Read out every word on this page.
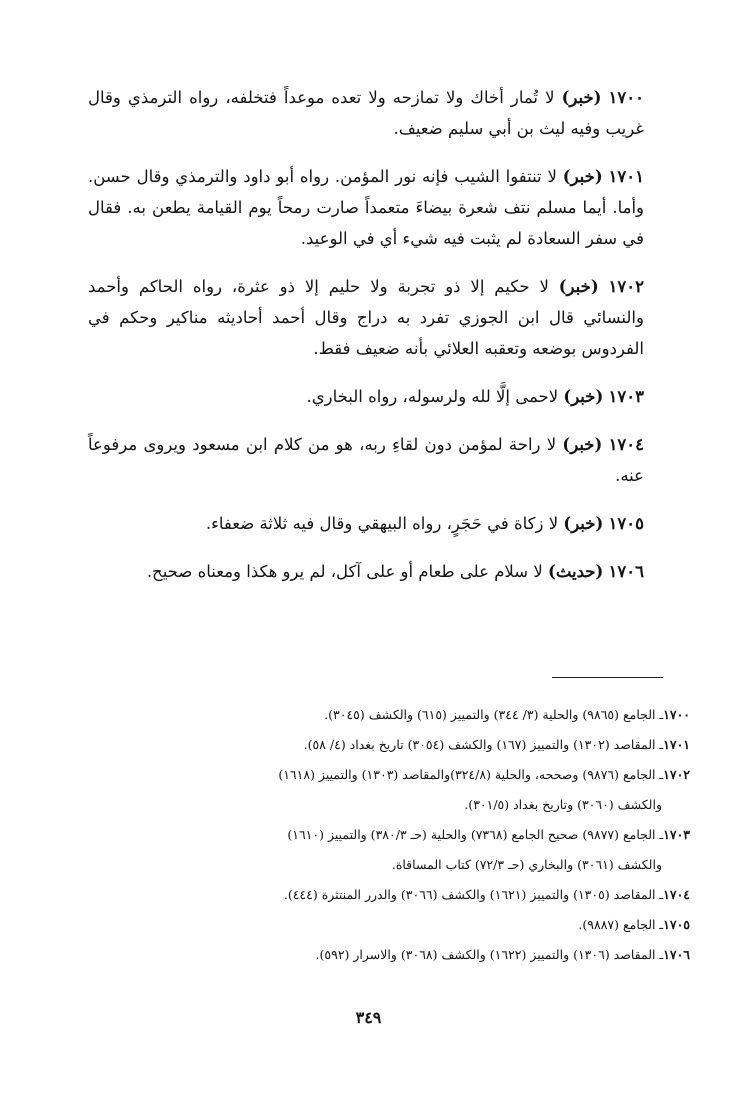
١٧٠٠ (خبر) لا تُمار أخاك ولا تمازحه ولا تعده موعداً فتخلفه، رواه الترمذي وقال غريب وفيه ليث بن أبي سليم ضعيف.

١٧٠١ (خبر) لا تنتفوا الشيب فإنه نور المؤمن. رواه أبو داود والترمذي وقال حسن. وأما. أيما مسلم نتف شعرة بيضاءَ متعمداً صارت رمحاً يوم القيامة يطعن به. فقال في سفر السعادة لم يثبت فيه شيء أي في الوعيد.

١٧٠٢ (خبر) لا حكيم إلا ذو تجربة ولا حليم إلا ذو عثرة، رواه الحاكم وأحمد والنسائي قال ابن الجوزي تفرد به دراج وقال أحمد أحاديثه مناكير وحكم في الفردوس بوضعه وتعقبه العلائي بأنه ضعيف فقط.

١٧٠٣ (خبر) لاحمى إلَّا لله ولرسوله، رواه البخاري.

١٧٠٤ (خبر) لا راحة لمؤمن دون لقاءِ ربه، هو من كلام ابن مسعود ويروى مرفوعاً عنه.

١٧٠٥ (خبر) لا زكاة في حَجَرٍ، رواه البيهقي وقال فيه ثلاثة ضعفاء.

١٧٠٦ (حديث) لا سلام على طعام أو على آكل، لم يرو هكذا ومعناه صحيح.

١٧٠٠ـ الجامع (٩٨٦٥) والحلية (٣/ ٣٤٤) والتمييز (٦١٥) والكشف (٣٠٤٥).
١٧٠١ـ المقاصد (١٣٠٢) والتمييز (١٦٧) والكشف (٣٠٥٤) تاريخ بغداد (٤/ ٥٨).
١٧٠٢ـ الجامع (٩٨٧٦) وصححه، والحلية (٣٢٤/٨)والمقاصد (١٣٠٣) والتمييز (١٦١٨)
والكشف (٣٠٦٠) وتاريخ بغداد (٣٠١/٥).
١٧٠٣ـ الجامع (٩٨٧٧) صحيح الجامع (٧٣٦٨) والحلية (حـ ٣٨٠/٣) والتمييز (١٦١٠)
والكشف (٣٠٦١) والبخاري (حـ ٧٢/٣) كتاب المساقاة.
١٧٠٤ـ المقاصد (١٣٠٥) والتمييز (١٦٢١) والكشف (٣٠٦٦) والدرر المنتثرة (٤٤٤).
١٧٠٥ـ الجامع (٩٨٨٧).
١٧٠٦ـ المقاصد (١٣٠٦) والتمييز (١٦٢٢) والكشف (٣٠٦٨) والاسرار (٥٩٢).
٣٤٩
